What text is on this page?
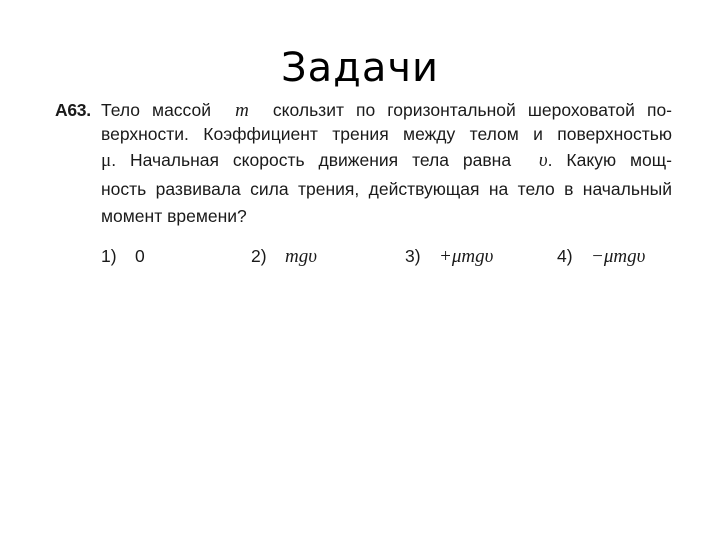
Задачи
A63. Тело массой m скользит по горизонтальной шероховатой по-
верхности. Коэффициент трения между телом и поверхностью
μ. Начальная скорость движения тела равна υ. Какую мощ-
ность развивала сила трения, действующая на тело в начальный
момент времени?
1) 0	2) mgυ	3) +μmgυ	4) −μmgυ
